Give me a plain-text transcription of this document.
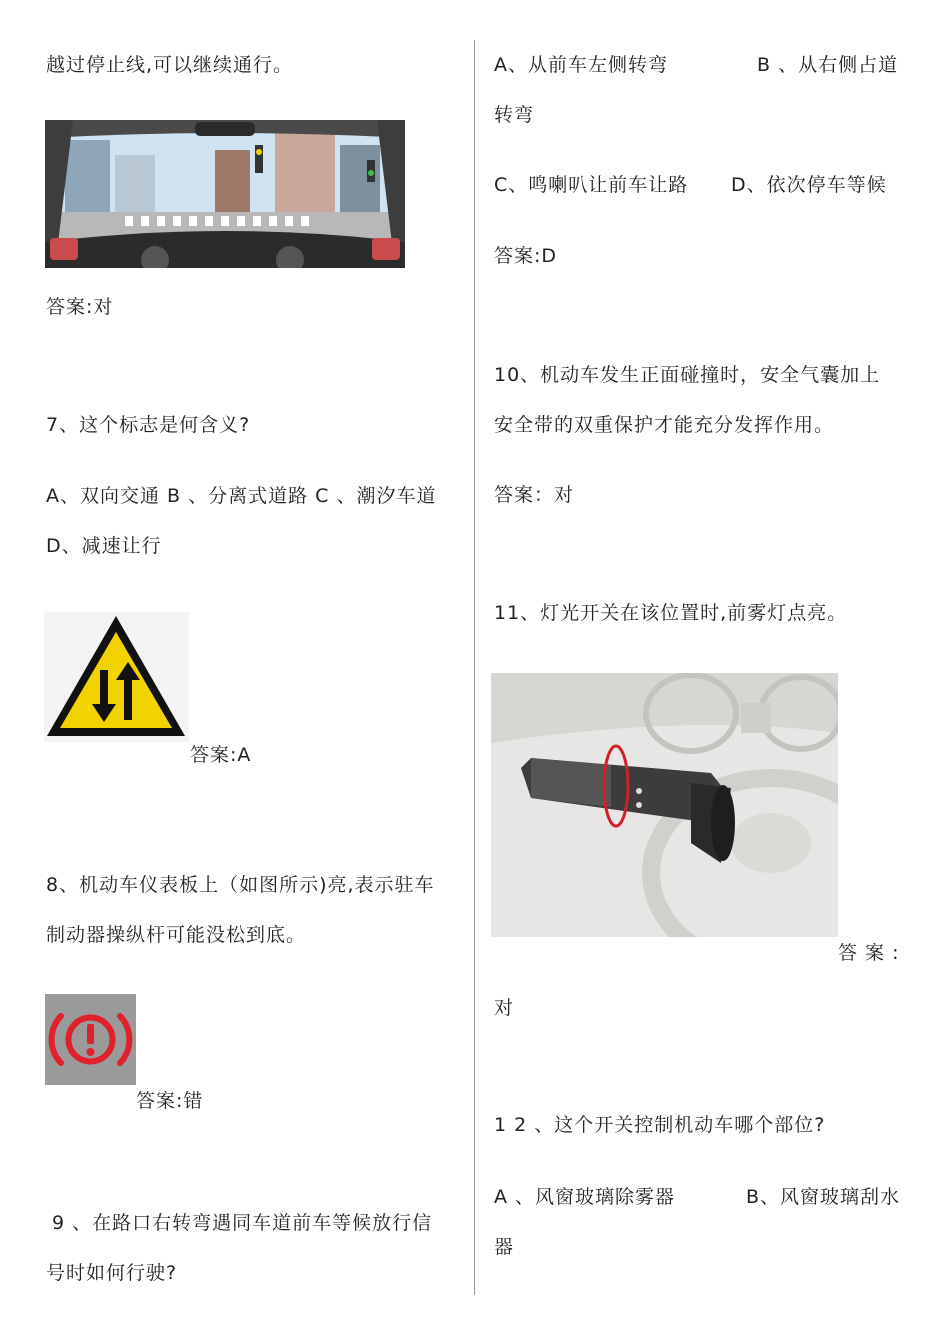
越过停止线,可以继续通行。
答案:对
7、这个标志是何含义?
A、双向交通 B 、分离式道路 C 、潮汐车道
D、减速让行
答案:A
8、机动车仪表板上（如图所示)亮,表示驻车
制动器操纵杆可能没松到底。
答案:错
9 、在路口右转弯遇同车道前车等候放行信
号时如何行驶?
A、从前车左侧转弯	B 、从右侧占道
转弯
C、鸣喇叭让前车让路 D、依次停车等候
答案:D
10、机动车发生正面碰撞时，安全气囊加上
安全带的双重保护才能充分发挥作用。
答案：对
11、灯光开关在该位置时,前雾灯点亮。
答 案 :
对
1 2 、这个开关控制机动车哪个部位?
A 、风窗玻璃除雾器	B、风窗玻璃刮水
器
